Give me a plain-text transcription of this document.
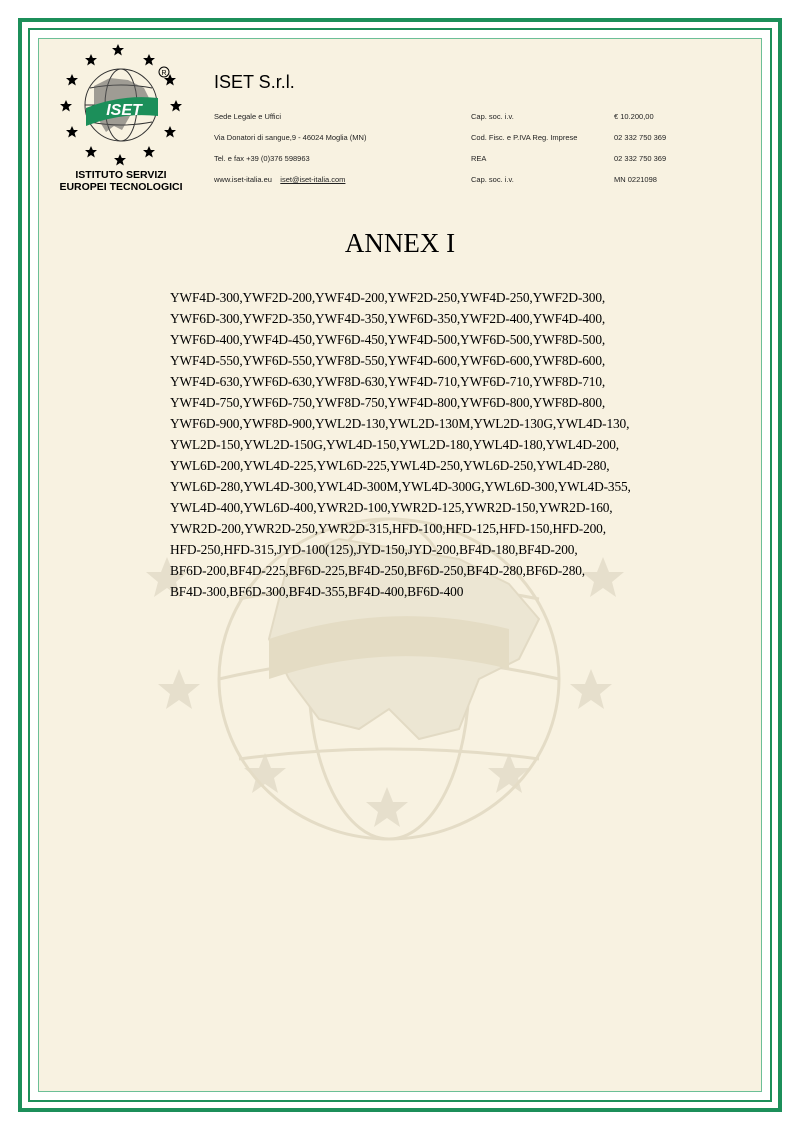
ISET
R
ISTITUTO SERVIZI
EUROPEI TECNOLOGICI
ISET S.r.l.
Sede Legale e Uffici
Via Donatori di sangue,9 - 46024 Moglia (MN)
Tel. e fax +39 (0)376 598963
www.iset-italia.eu iset@iset-italia.com
Cap. soc. i.v.
Cod. Fisc. e P.IVA Reg. Imprese
REA
Cap. soc. i.v.
€ 10.200,00
02 332 750 369
02 332 750 369
MN 0221098
ANNEX I
YWF4D-300,YWF2D-200,YWF4D-200,YWF2D-250,YWF4D-250,YWF2D-300,
YWF6D-300,YWF2D-350,YWF4D-350,YWF6D-350,YWF2D-400,YWF4D-400,
YWF6D-400,YWF4D-450,YWF6D-450,YWF4D-500,YWF6D-500,YWF8D-500,
YWF4D-550,YWF6D-550,YWF8D-550,YWF4D-600,YWF6D-600,YWF8D-600,
YWF4D-630,YWF6D-630,YWF8D-630,YWF4D-710,YWF6D-710,YWF8D-710,
YWF4D-750,YWF6D-750,YWF8D-750,YWF4D-800,YWF6D-800,YWF8D-800,
YWF6D-900,YWF8D-900,YWL2D-130,YWL2D-130M,YWL2D-130G,YWL4D-130,
YWL2D-150,YWL2D-150G,YWL4D-150,YWL2D-180,YWL4D-180,YWL4D-200,
YWL6D-200,YWL4D-225,YWL6D-225,YWL4D-250,YWL6D-250,YWL4D-280,
YWL6D-280,YWL4D-300,YWL4D-300M,YWL4D-300G,YWL6D-300,YWL4D-355,
YWL4D-400,YWL6D-400,YWR2D-100,YWR2D-125,YWR2D-150,YWR2D-160,
YWR2D-200,YWR2D-250,YWR2D-315,HFD-100,HFD-125,HFD-150,HFD-200,
HFD-250,HFD-315,JYD-100(125),JYD-150,JYD-200,BF4D-180,BF4D-200,
BF6D-200,BF4D-225,BF6D-225,BF4D-250,BF6D-250,BF4D-280,BF6D-280,
BF4D-300,BF6D-300,BF4D-355,BF4D-400,BF6D-400
